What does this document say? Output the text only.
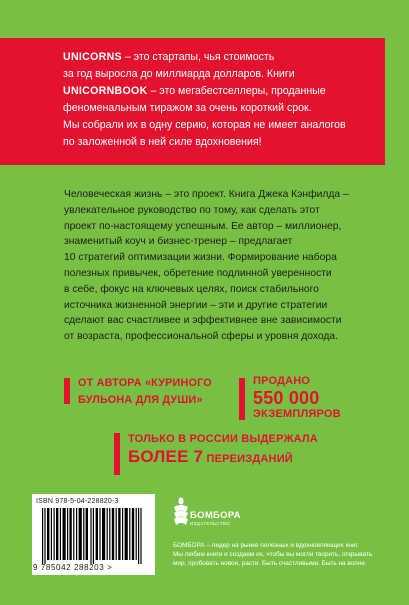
UNICORNS – это стартапы, чья стоимость
за год выросла до миллиарда долларов. Книги
UNICORNBOOK – это мегабестселлеры, проданные
феноменальным тиражом за очень короткий срок.
Мы собрали их в одну серию, которая не имеет аналогов
по заложенной в ней силе вдохновения!
Человеческая жизнь – это проект. Книга Джека Кэнфилда –
увлекательное руководство по тому, как сделать этот
проект по-настоящему успешным. Ее автор – миллионер,
знаменитый коуч и бизнес-тренер – предлагает
10 стратегий оптимизации жизни. Формирование набора
полезных привычек, обретение подлинной уверенности
в себе, фокус на ключевых целях, поиск стабильного
источника жизненной энергии – эти и другие стратегии
сделают вас счастливее и эффективнее вне зависимости
от возраста, профессиональной сферы и уровня дохода.
ОТ АВТОРА «КУРИНОГО
БУЛЬОНА ДЛЯ ДУШИ»
ПРОДАНО
550 000
ЭКЗЕМПЛЯРОВ
ТОЛЬКО В РОССИИ ВЫДЕРЖАЛА
БОЛЕЕ 7 ПЕРЕИЗДАНИЙ
ISBN 978-5-04-228820-3
9 785042 288203 >
БОМБОРА
ИЗДАТЕЛЬСТВО
БОМБОРА – лидер на рынке полезных и вдохновляющих книг.
Мы любим книги и создаем их, чтобы вы могли творить, открывать
мир, пробовать новое, расти. Быть счастливыми. Быть на волне.
